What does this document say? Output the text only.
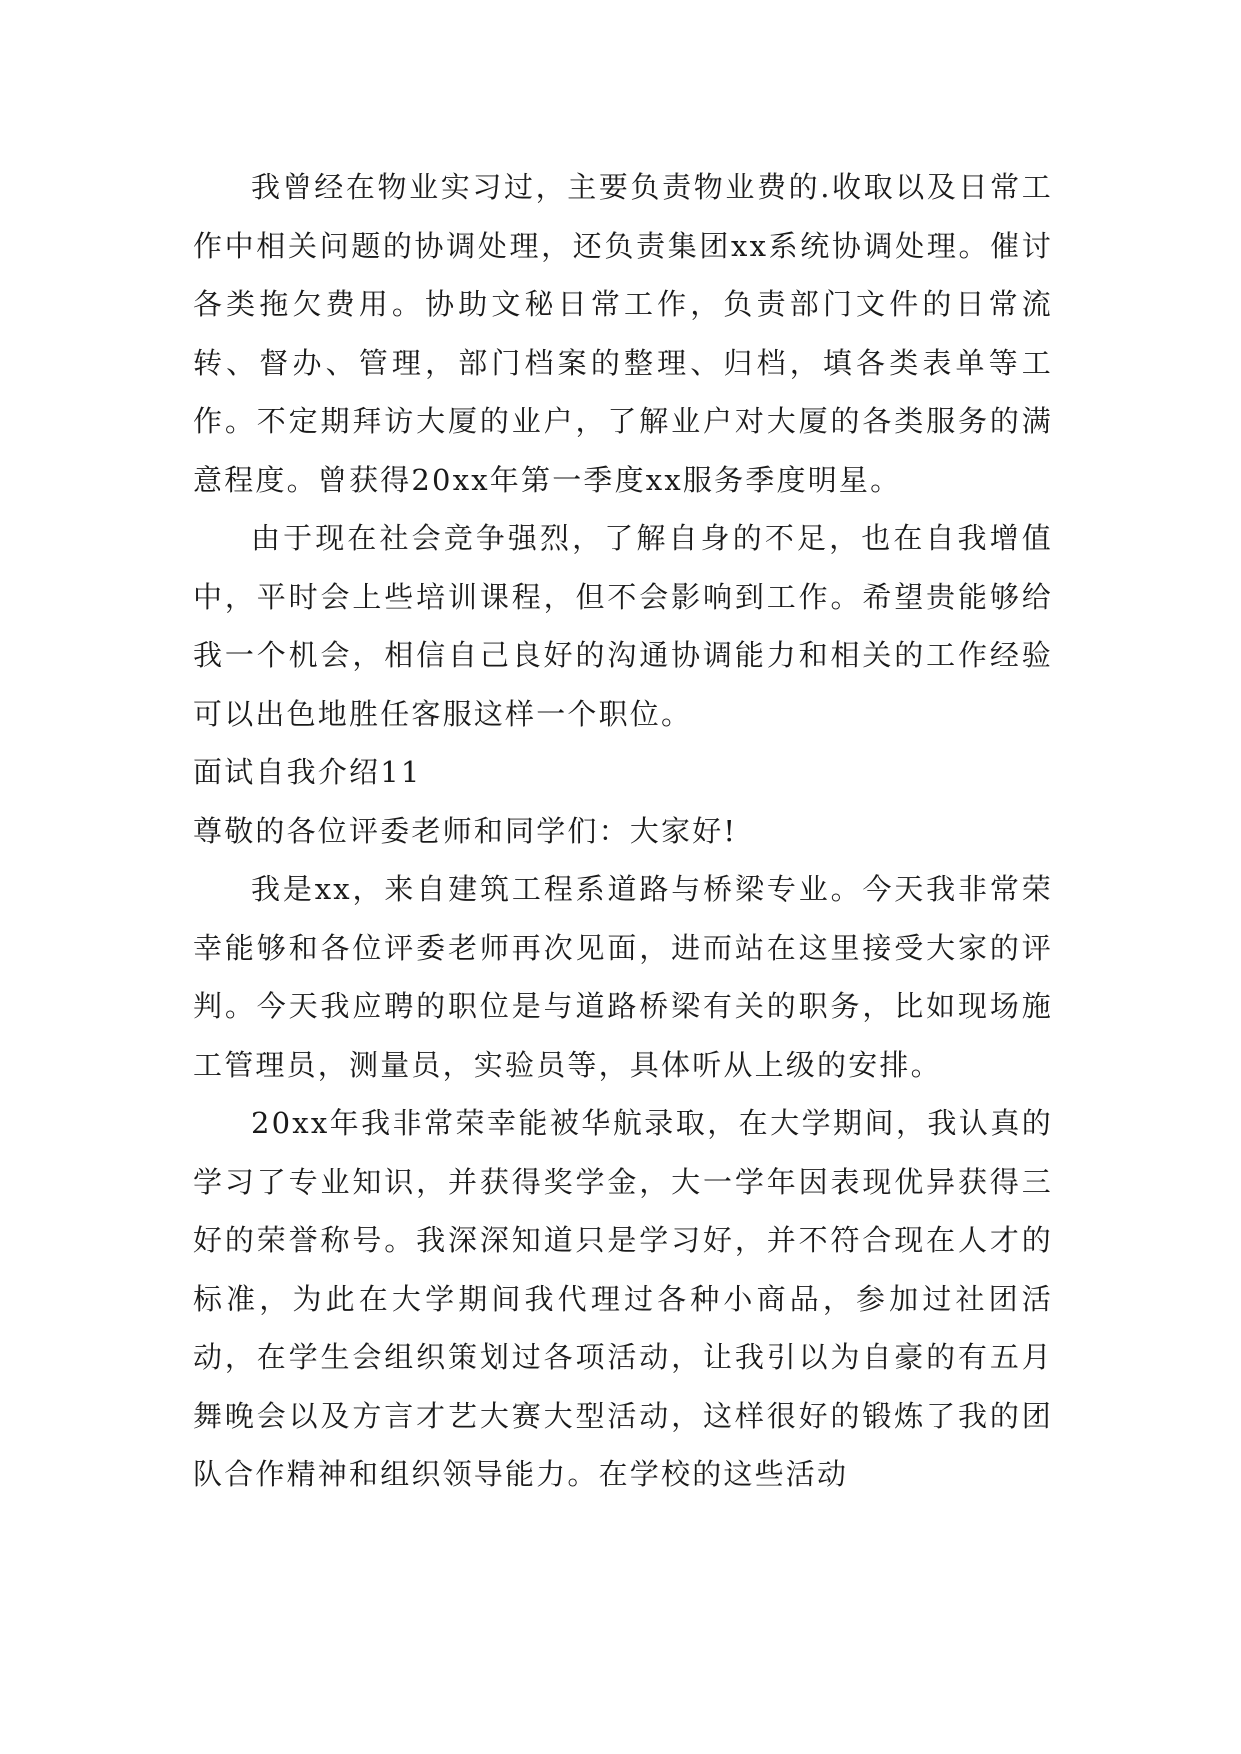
我曾经在物业实习过，主要负责物业费的.收取以及日常工作中相关问题的协调处理，还负责集团xx系统协调处理。催讨各类拖欠费用。协助文秘日常工作，负责部门文件的日常流转、督办、管理，部门档案的整理、归档，填各类表单等工作。不定期拜访大厦的业户，了解业户对大厦的各类服务的满意程度。曾获得20xx年第一季度xx服务季度明星。

由于现在社会竞争强烈，了解自身的不足，也在自我增值中，平时会上些培训课程，但不会影响到工作。希望贵能够给我一个机会，相信自己良好的沟通协调能力和相关的工作经验可以出色地胜任客服这样一个职位。

面试自我介绍11

尊敬的各位评委老师和同学们：大家好!

我是xx，来自建筑工程系道路与桥梁专业。今天我非常荣幸能够和各位评委老师再次见面，进而站在这里接受大家的评判。今天我应聘的职位是与道路桥梁有关的职务，比如现场施工管理员，测量员，实验员等，具体听从上级的安排。

20xx年我非常荣幸能被华航录取，在大学期间，我认真的学习了专业知识，并获得奖学金，大一学年因表现优异获得三好的荣誉称号。我深深知道只是学习好，并不符合现在人才的标准，为此在大学期间我代理过各种小商品，参加过社团活动，在学生会组织策划过各项活动，让我引以为自豪的有五月舞晚会以及方言才艺大赛大型活动，这样很好的锻炼了我的团队合作精神和组织领导能力。在学校的这些活动
